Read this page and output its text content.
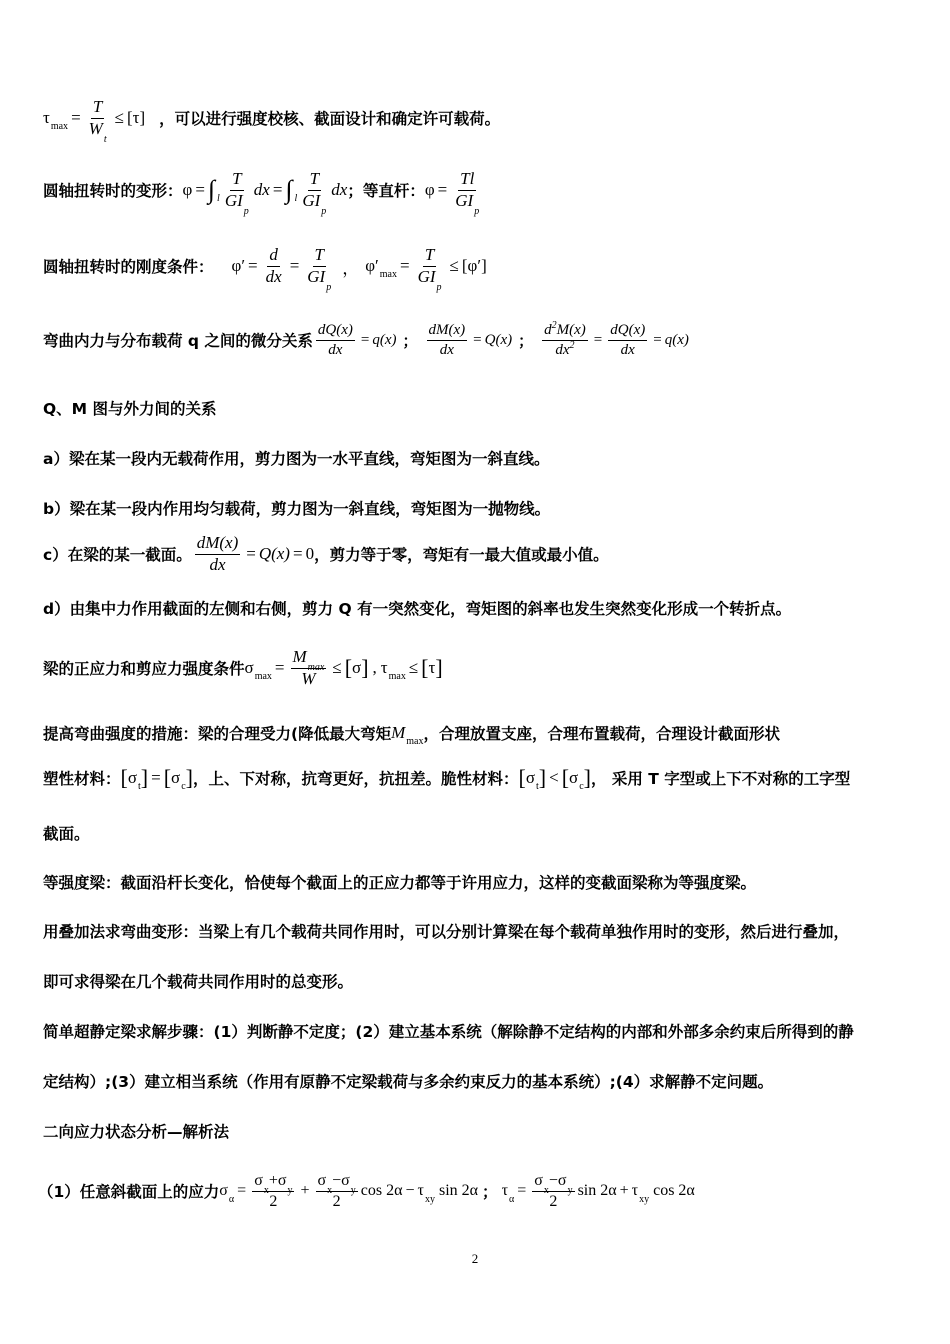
τ $\max = \frac{T}{W_t} \le [\tau]$ ，可以进行强度校核、截面设计和确定许可载荷。
圆轴扭转时的变形： φ = ∫ l $\frac{T}{GI_p}$ dx = ∫ l $\frac{T}{GI_p}$ dx ；等直杆： $\varphi = \frac{Tl}{GI_p}$
圆轴扭转时的刚度条件： $\varphi' = \frac{d}{dx} = \frac{T}{GI_p}$ ， φ′ $\max = \frac{T}{GI_p} \le [\varphi']$
弯曲内力与分布载荷 q 之间的微分关系 $\frac{dQ(x)}{dx} = q(x)$ ； $\frac{dM(x)}{dx} = Q(x)$ ； $\frac{d^2M(x)}{dx^2} = \frac{dQ(x)}{dx} = q(x)$
Q、M 图与外力间的关系
a）梁在某一段内无载荷作用，剪力图为一水平直线，弯矩图为一斜直线。
b）梁在某一段内作用均匀载荷，剪力图为一斜直线，弯矩图为一抛物线。
c）在梁的某一截面。 $\frac{dM(x)}{dx} = Q(x) = 0$ ，剪力等于零，弯矩有一最大值或最小值。
d）由集中力作用截面的左侧和右侧，剪力 Q 有一突然变化，弯矩图的斜率也发生突然变化形成一个转折点。
梁的正应力和剪应力强度条件 σ $\max = \frac{M_{max}}{W}$ ≤ [ σ ] , τ max ≤ [ τ ]
提高弯曲强度的措施：梁的合理受力(降低最大弯矩 M max ，合理放置支座，合理布置载荷，合理设计截面形状
塑性材料： [ σ t ] = [ σ c ] ，上、下对称，抗弯更好，抗扭差。脆性材料： [ σ t ] < [ σ c ] ， 采用 T 字型或上下不对称的工字型
截面。
等强度梁：截面沿杆长变化，恰使每个截面上的正应力都等于许用应力，这样的变截面梁称为等强度梁。
用叠加法求弯曲变形：当梁上有几个载荷共同作用时，可以分别计算梁在每个载荷单独作用时的变形，然后进行叠加，
即可求得梁在几个载荷共同作用时的总变形。
简单超静定梁求解步骤：(1）判断静不定度；(2）建立基本系统（解除静不定结构的内部和外部多余约束后所得到的静
定结构）;(3）建立相当系统（作用有原静不定梁载荷与多余约束反力的基本系统）;(4）求解静不定问题。
二向应力状态分析—解析法
（1）任意斜截面上的应力 σ $\alpha = \frac{\sigma_x+\sigma_y}{2} + \frac{\sigma_x-\sigma_y}{2}$ cos 2α − τ xy sin 2α ； τ $\alpha = \frac{\sigma_x-\sigma_y}{2}$ sin 2α + τ xy cos 2α
2
